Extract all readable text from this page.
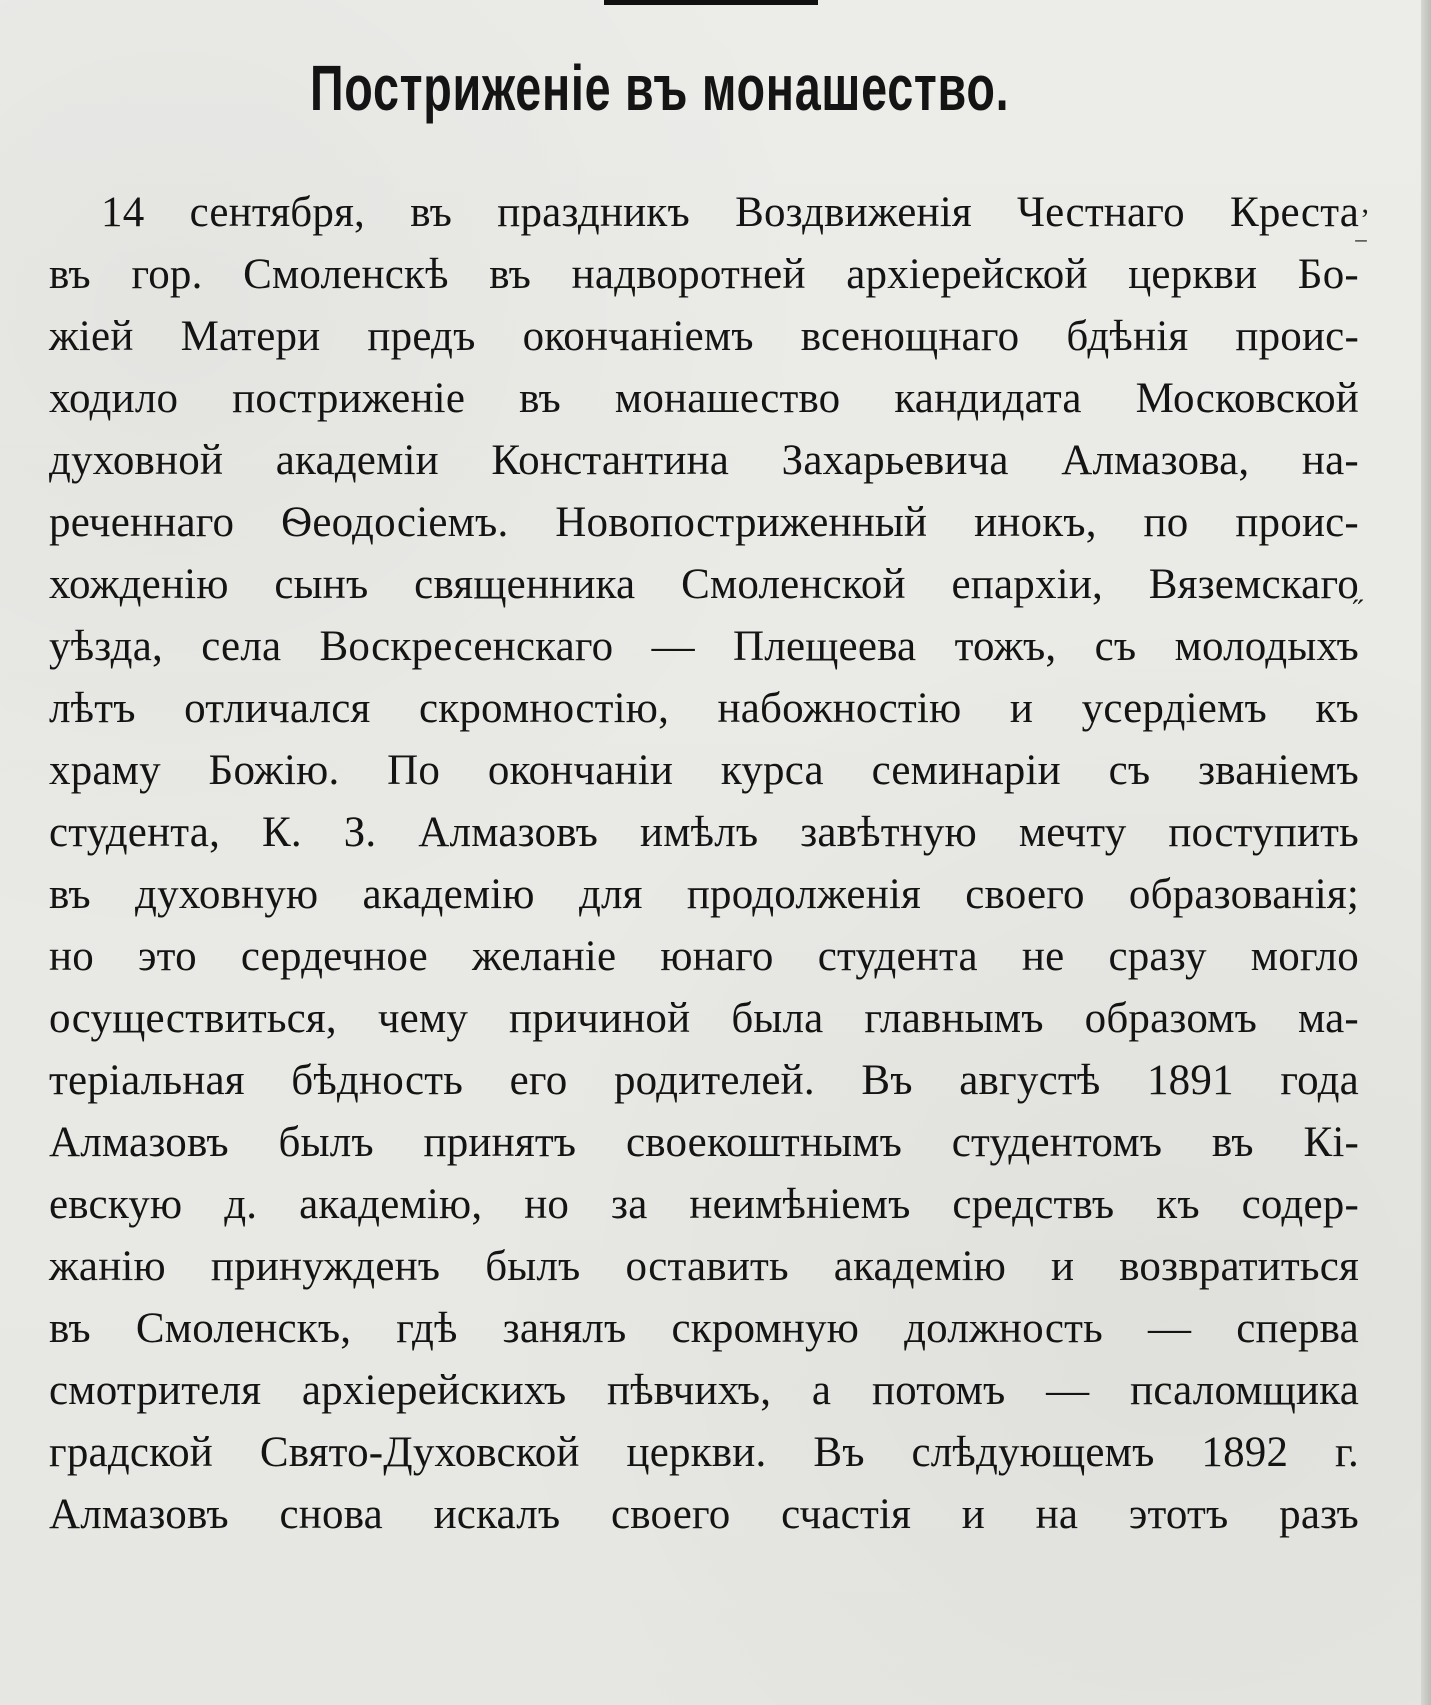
Постриженіе въ монашество.
14 сентября, въ праздникъ Воздвиженія Честнаго Креста
въ гор. Смоленскѣ въ надворотней архіерейской церкви Бо-
жіей Матери предъ окончаніемъ всенощнаго бдѣнія проис-
ходило постриженіе въ монашество кандидата Московской
духовной академіи Константина Захарьевича Алмазова, на-
реченнаго Ѳеодосіемъ. Новопостриженный инокъ, по проис-
хожденію сынъ священника Смоленской епархіи, Вяземскаго
уѣзда, села Воскресенскаго — Плещеева тожъ, съ молодыхъ
лѣтъ отличался скромностію, набожностію и усердіемъ къ
храму Божію. По окончаніи курса семинаріи съ званіемъ
студента, К. З. Алмазовъ имѣлъ завѣтную мечту поступить
въ духовную академію для продолженія своего образованія;
но это сердечное желаніе юнаго студента не сразу могло
осуществиться, чему причиной была главнымъ образомъ ма-
теріальная бѣдность его родителей. Въ августѣ 1891 года
Алмазовъ былъ принятъ своекоштнымъ студентомъ въ Кі-
евскую д. академію, но за неимѣніемъ средствъ къ содер-
жанію принужденъ былъ оставить академію и возвратиться
въ Смоленскъ, гдѣ занялъ скромную должность — сперва
смотрителя архіерейскихъ пѣвчихъ, а потомъ — псаломщика
градской Свято-Духовской церкви. Въ слѣдующемъ 1892 г.
Алмазовъ снова искалъ своего счастія и на этотъ разъ
’
‾
˝
